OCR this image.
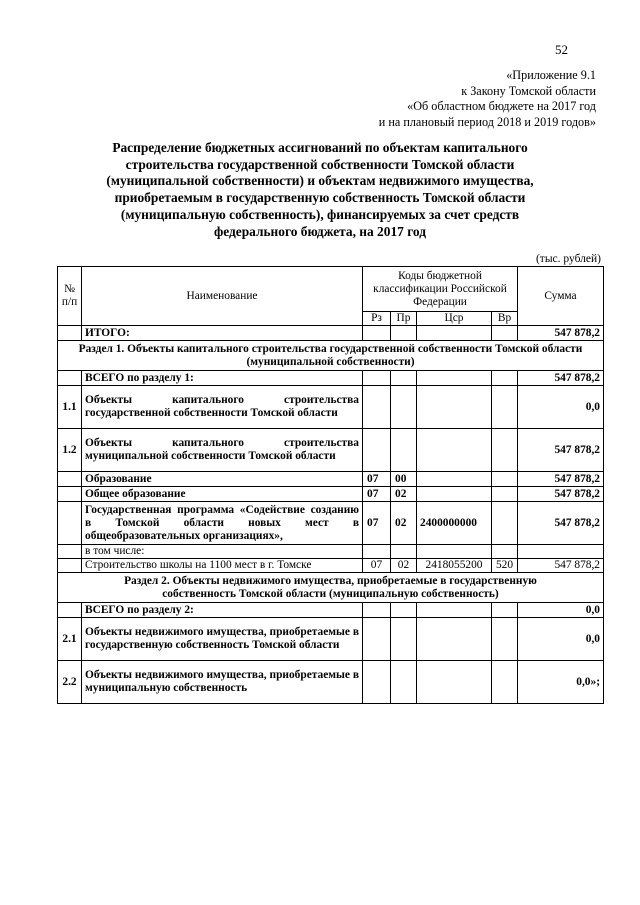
52
«Приложение 9.1
к Закону Томской области
«Об областном бюджете на 2017 год
и на плановый период 2018 и 2019 годов»
Распределение бюджетных ассигнований по объектам капитального
строительства государственной собственности Томской области
(муниципальной собственности) и объектам недвижимого имущества,
приобретаемым в государственную собственность Томской области
(муниципальную собственность), финансируемых за счет средств
федерального бюджета, на 2017 год
(тыс. рублей)
№ п/п	Наименование	Коды бюджетной классификации Российской Федерации				Сумма
		Рз	Пр	Цср	Вр	
	ИТОГО:					547 878,2
Раздел 1. Объекты капитального строительства государственной собственности Томской области (муниципальной собственности)						
	ВСЕГО по разделу 1:					547 878,2
1.1	Объекты капитального строительства государственной собственности Томской области					0,0
1.2	Объекты капитального строительства муниципальной собственности Томской области					547 878,2
	Образование	07	00			547 878,2
	Общее образование	07	02			547 878,2
	Государственная программа «Содействие созданию в Томской области новых мест в общеобразовательных организациях»,	07	02	2400000000		547 878,2
	в том числе:					
	Строительство школы на 1100 мест в г. Томске	07	02	2418055200	520	547 878,2
Раздел 2. Объекты недвижимого имущества, приобретаемые в государственную собственность Томской области (муниципальную собственность)						
	ВСЕГО по разделу 2:					0,0
2.1	Объекты недвижимого имущества, приобретаемые в государственную собственность Томской области					0,0
2.2	Объекты недвижимого имущества, приобретаемые в муниципальную собственность					0,0»;
